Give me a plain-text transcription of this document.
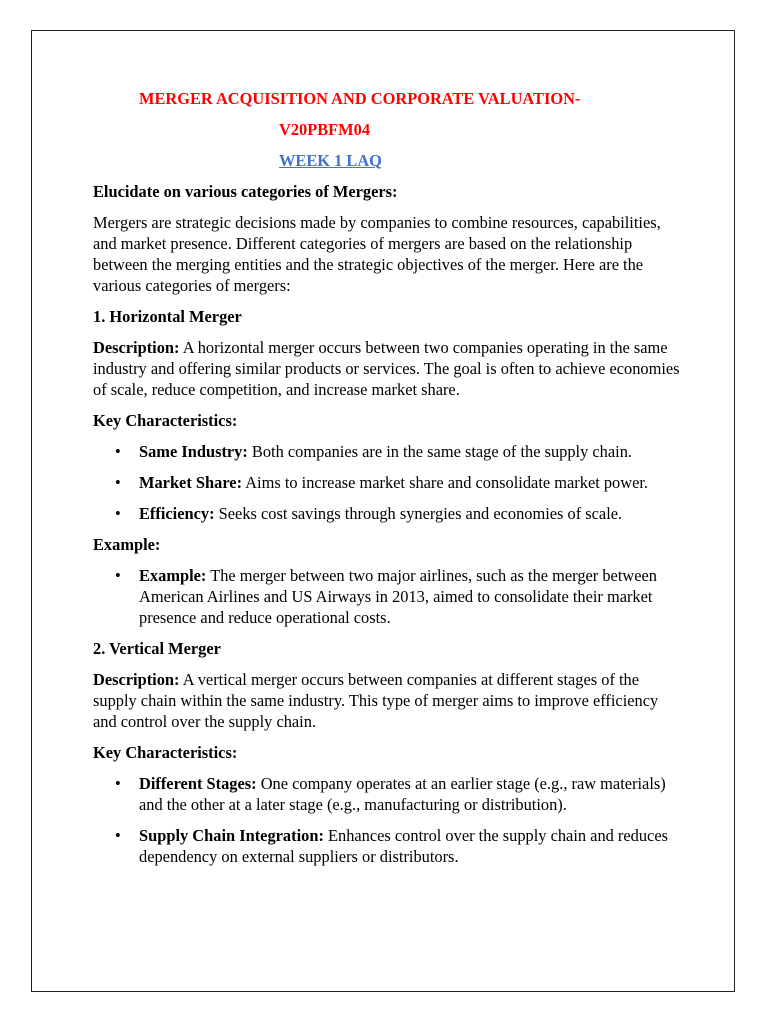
MERGER ACQUISITION AND CORPORATE VALUATION-

V20PBFM04

WEEK 1 LAQ

Elucidate on various categories of Mergers:

Mergers are strategic decisions made by companies to combine resources, capabilities, and market presence. Different categories of mergers are based on the relationship between the merging entities and the strategic objectives of the merger. Here are the various categories of mergers:

1. Horizontal Merger

Description: A horizontal merger occurs between two companies operating in the same industry and offering similar products or services. The goal is often to achieve economies of scale, reduce competition, and increase market share.

Key Characteristics:

• Same Industry: Both companies are in the same stage of the supply chain.
• Market Share: Aims to increase market share and consolidate market power.
• Efficiency: Seeks cost savings through synergies and economies of scale.

Example:

• Example: The merger between two major airlines, such as the merger between American Airlines and US Airways in 2013, aimed to consolidate their market presence and reduce operational costs.

2. Vertical Merger

Description: A vertical merger occurs between companies at different stages of the supply chain within the same industry. This type of merger aims to improve efficiency and control over the supply chain.

Key Characteristics:

• Different Stages: One company operates at an earlier stage (e.g., raw materials) and the other at a later stage (e.g., manufacturing or distribution).
• Supply Chain Integration: Enhances control over the supply chain and reduces dependency on external suppliers or distributors.
